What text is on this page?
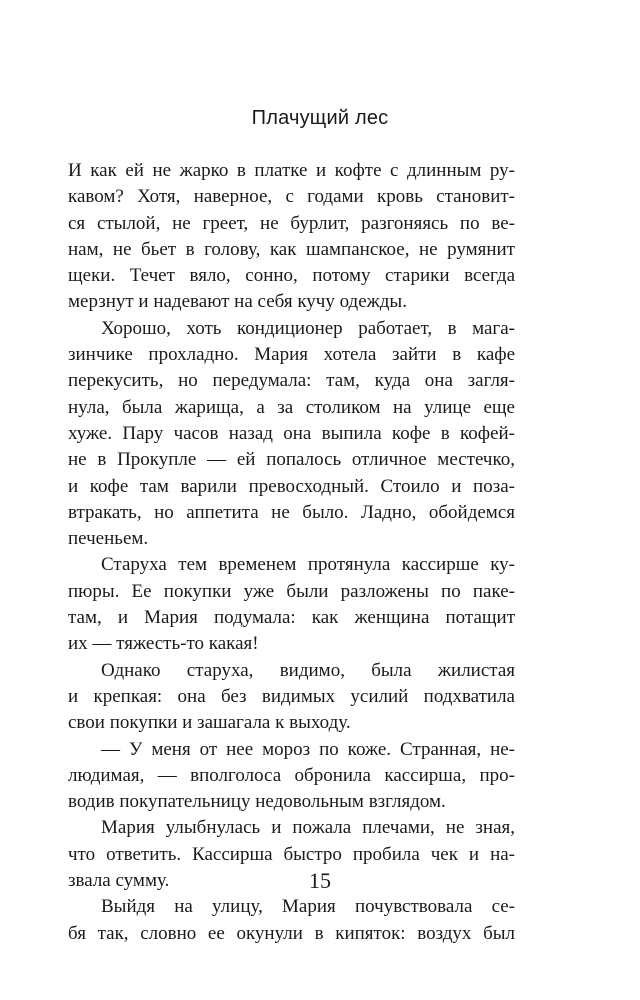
Плачущий лес
И как ей не жарко в платке и кофте с длинным ру-
кавом? Хотя, наверное, с годами кровь становит-
ся стылой, не греет, не бурлит, разгоняясь по ве-
нам, не бьет в голову, как шампанское, не румянит
щеки. Течет вяло, сонно, потому старики всегда
мерзнут и надевают на себя кучу одежды.
Хорошо, хоть кондиционер работает, в мага-
зинчике прохладно. Мария хотела зайти в кафе
перекусить, но передумала: там, куда она загля-
нула, была жарища, а за столиком на улице еще
хуже. Пару часов назад она выпила кофе в кофей-
не в Прокупле — ей попалось отличное местечко,
и кофе там варили превосходный. Стоило и поза-
втракать, но аппетита не было. Ладно, обойдемся
печеньем.
Старуха тем временем протянула кассирше ку-
пюры. Ее покупки уже были разложены по паке-
там, и Мария подумала: как женщина потащит
их — тяжесть-то какая!
Однако старуха, видимо, была жилистая
и крепкая: она без видимых усилий подхватила
свои покупки и зашагала к выходу.
— У меня от нее мороз по коже. Странная, не-
людимая, — вполголоса обронила кассирша, про-
водив покупательницу недовольным взглядом.
Мария улыбнулась и пожала плечами, не зная,
что ответить. Кассирша быстро пробила чек и на-
звала сумму.
Выйдя на улицу, Мария почувствовала се-
бя так, словно ее окунули в кипяток: воздух был
15
